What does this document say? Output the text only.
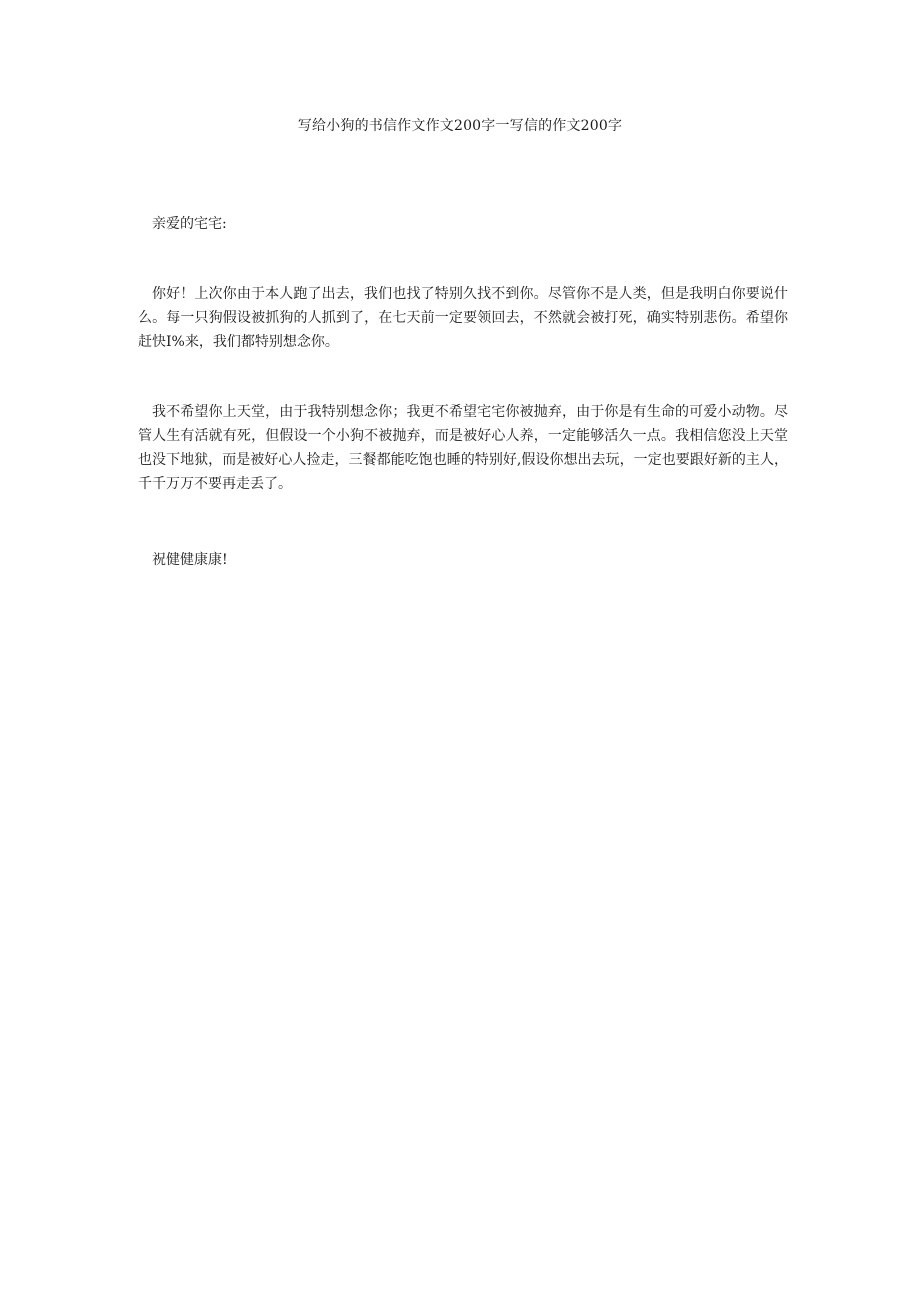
写给小狗的书信作文作文200字一写信的作文200字

亲爱的宅宅:

你好！上次你由于本人跑了出去，我们也找了特别久找不到你。尽管你不是人类，但是我明白你要说什么。每一只狗假设被抓狗的人抓到了，在七天前一定要领回去，不然就会被打死，确实特别悲伤。希望你赶快I%来，我们都特别想念你。

我不希望你上天堂，由于我特别想念你；我更不希望宅宅你被抛弃，由于你是有生命的可爱小动物。尽管人生有活就有死，但假设一个小狗不被抛弃，而是被好心人养，一定能够活久一点。我相信您没上天堂也没下地狱，而是被好心人捡走，三餐都能吃饱也睡的特别好,假设你想出去玩，一定也要跟好新的主人，千千万万不要再走丢了。

祝健健康康!
